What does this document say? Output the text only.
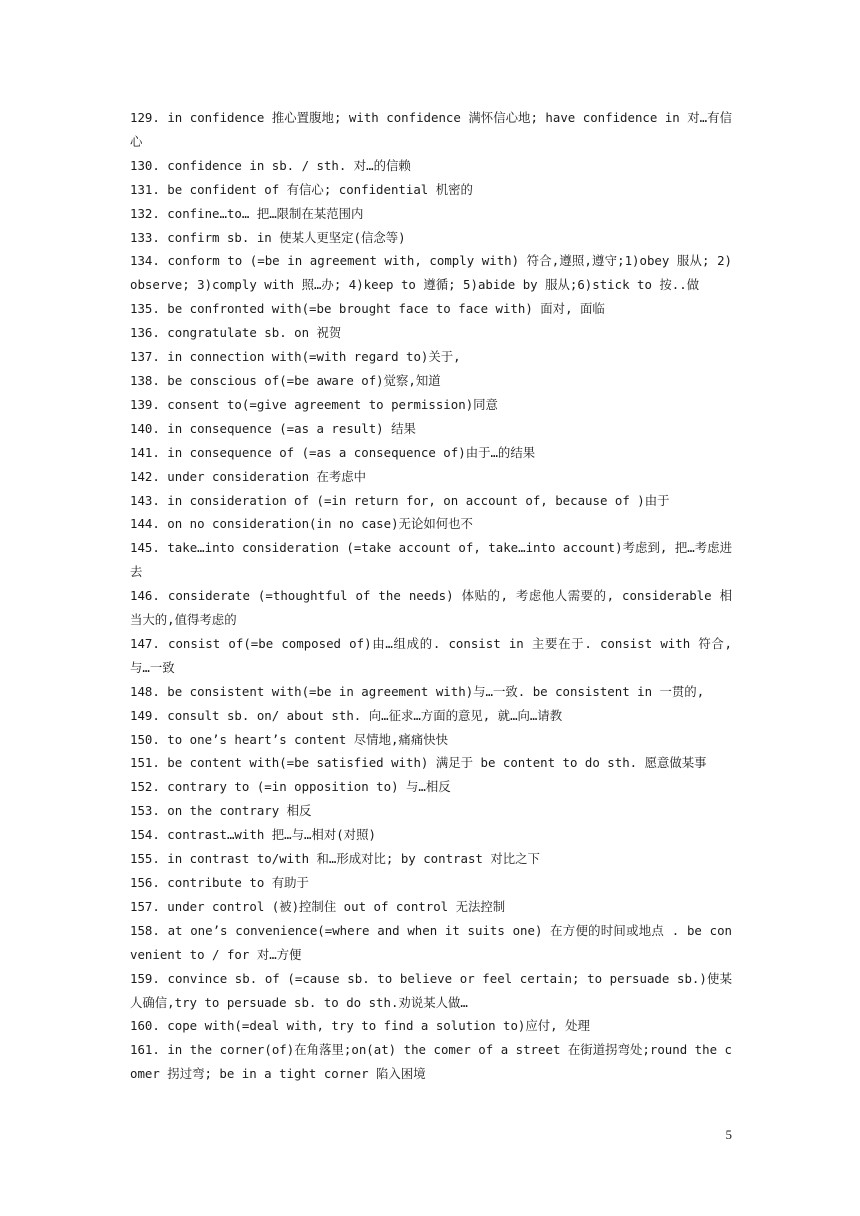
129. in confidence 推心置腹地; with confidence 满怀信心地; have confidence in 对…有信心
130. confidence in sb. / sth. 对…的信赖
131. be confident of 有信心; confidential 机密的
132. confine…to… 把…限制在某范围内
133. confirm sb. in 使某人更坚定(信念等)
134. conform to (=be in agreement with, comply with) 符合,遵照,遵守;1)obey 服从; 2) observe; 3)comply with 照…办; 4)keep to 遵循; 5)abide by 服从;6)stick to 按..做
135. be confronted with(=be brought face to face with) 面对, 面临
136. congratulate sb. on 祝贺
137. in connection with(=with regard to)关于,
138. be conscious of(=be aware of)觉察,知道
139. consent to(=give agreement to permission)同意
140. in consequence (=as a result) 结果
141. in consequence of (=as a consequence of)由于…的结果
142. under consideration 在考虑中
143. in consideration of (=in return for, on account of, because of )由于
144. on no consideration(in no case)无论如何也不
145. take…into consideration (=take account of, take…into account)考虑到, 把…考虑进去
146. considerate (=thoughtful of the needs) 体贴的, 考虑他人需要的, considerable 相当大的,值得考虑的
147. consist of(=be composed of)由…组成的. consist in 主要在于. consist with 符合,与…一致
148. be consistent with(=be in agreement with)与…一致. be consistent in 一贯的,
149. consult sb. on/ about sth. 向…征求…方面的意见, 就…向…请教
150. to one’s heart’s content 尽情地,痛痛快快
151. be content with(=be satisfied with) 满足于 be content to do sth. 愿意做某事
152. contrary to (=in opposition to) 与…相反
153. on the contrary 相反
154. contrast…with 把…与…相对(对照)
155. in contrast to/with 和…形成对比; by contrast 对比之下
156. contribute to 有助于
157. under control (被)控制住 out of control 无法控制
158. at one’s convenience(=where and when it suits one) 在方便的时间或地点 . be convenient to / for 对…方便
159. convince sb. of (=cause sb. to believe or feel certain; to persuade sb.)使某人确信,try to persuade sb. to do sth.劝说某人做…
160. cope with(=deal with, try to find a solution to)应付, 处理
161. in the corner(of)在角落里;on(at) the comer of a street 在街道拐弯处;round the comer 拐过弯; be in a tight corner 陷入困境
5
